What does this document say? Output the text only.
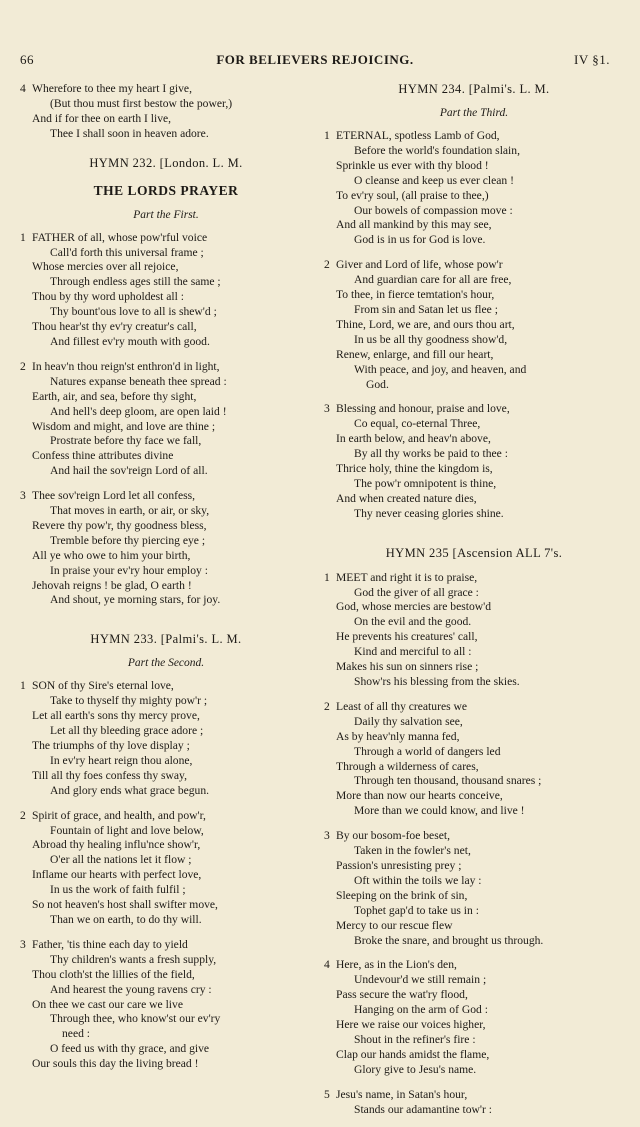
66	FOR BELIEVERS REJOICING.	IV §1.
4 Wherefore to thee my heart I give,
(But thou must first bestow the power,)
And if for thee on earth I live,
Thee I shall soon in heaven adore.
HYMN 232. [London. L. M.
THE LORDS PRAYER
Part the First.
1 FATHER of all, whose pow'rful voice
Call'd forth this universal frame ;
Whose mercies over all rejoice,
Through endless ages still the same ;
Thou by thy word upholdest all :
Thy bount'ous love to all is shew'd ;
Thou hear'st thy ev'ry creatur's call,
And fillest ev'ry mouth with good.
2 In heav'n thou reign'st enthron'd in light,
Natures expanse beneath thee spread :
Earth, air, and sea, before thy sight,
And hell's deep gloom, are open laid !
Wisdom and might, and love are thine ;
Prostrate before thy face we fall,
Confess thine attributes divine
And hail the sov'reign Lord of all.
3 Thee sov'reign Lord let all confess,
That moves in earth, or air, or sky,
Revere thy pow'r, thy goodness bless,
Tremble before thy piercing eye ;
All ye who owe to him your birth,
In praise your ev'ry hour employ :
Jehovah reigns ! be glad, O earth !
And shout, ye morning stars, for joy.
HYMN 233. [Palmi's. L. M.
Part the Second.
1 SON of thy Sire's eternal love,
Take to thyself thy mighty pow'r ;
Let all earth's sons thy mercy prove,
Let all thy bleeding grace adore ;
The triumphs of thy love display ;
In ev'ry heart reign thou alone,
Till all thy foes confess thy sway,
And glory ends what grace begun.
2 Spirit of grace, and health, and pow'r,
Fountain of light and love below,
Abroad thy healing influ'nce show'r,
O'er all the nations let it flow ;
Inflame our hearts with perfect love,
In us the work of faith fulfil ;
So not heaven's host shall swifter move,
Than we on earth, to do thy will.
3 Father, 'tis thine each day to yield
Thy children's wants a fresh supply,
Thou cloth'st the lillies of the field,
And hearest the young ravens cry :
On thee we cast our care we live
Through thee, who know'st our ev'ry
need :
O feed us with thy grace, and give
Our souls this day the living bread !
HYMN 234. [Palmi's. L. M.
Part the Third.
1 ETERNAL, spotless Lamb of God,
Before the world's foundation slain,
Sprinkle us ever with thy blood !
O cleanse and keep us ever clean !
To ev'ry soul, (all praise to thee,)
Our bowels of compassion move :
And all mankind by this may see,
God is in us for God is love.
2 Giver and Lord of life, whose pow'r
And guardian care for all are free,
To thee, in fierce temtation's hour,
From sin and Satan let us flee ;
Thine, Lord, we are, and ours thou art,
In us be all thy goodness show'd,
Renew, enlarge, and fill our heart,
With peace, and joy, and heaven, and
God.
3 Blessing and honour, praise and love,
Co equal, co-eternal Three,
In earth below, and heav'n above,
By all thy works be paid to thee :
Thrice holy, thine the kingdom is,
The pow'r omnipotent is thine,
And when created nature dies,
Thy never ceasing glories shine.
HYMN 235 [Ascension ALL 7's.
1 MEET and right it is to praise,
God the giver of all grace :
God, whose mercies are bestow'd
On the evil and the good.
He prevents his creatures' call,
Kind and merciful to all :
Makes his sun on sinners rise ;
Show'rs his blessing from the skies.
2 Least of all thy creatures we
Daily thy salvation see,
As by heav'nly manna fed,
Through a world of dangers led
Through a wilderness of cares,
Through ten thousand, thousand snares ;
More than now our hearts conceive,
More than we could know, and live !
3 By our bosom-foe beset,
Taken in the fowler's net,
Passion's unresisting prey ;
Oft within the toils we lay :
Sleeping on the brink of sin,
Tophet gap'd to take us in :
Mercy to our rescue flew
Broke the snare, and brought us through.
4 Here, as in the Lion's den,
Undevour'd we still remain ;
Pass secure the wat'ry flood,
Hanging on the arm of God :
Here we raise our voices higher,
Shout in the refiner's fire :
Clap our hands amidst the flame,
Glory give to Jesu's name.
5 Jesu's name, in Satan's hour,
Stands our adamantine tow'r :
